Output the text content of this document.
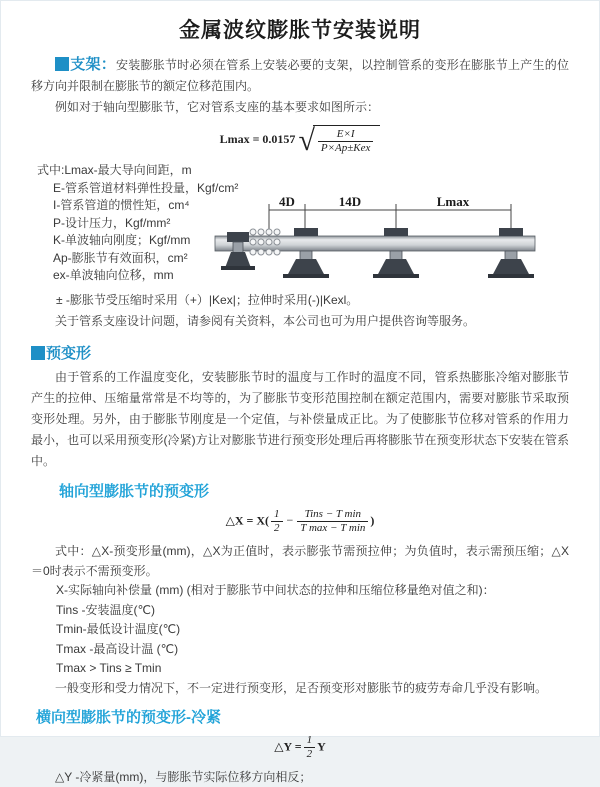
金属波纹膨胀节安装说明

支架：安装膨胀节时必须在管系上安装必要的支架，以控制管系的变形在膨胀节上产生的位移方向并限制在膨胀节的额定位移范围内。

例如对于轴向型膨胀节，它对管系支座的基本要求如图所示：

Lmax = 0.0157 √ $\frac{E\times I}{\text{P×Ap±Kex}}$
式中:Lmax-最大导向间距，m
E-管系管道材料弹性投量，Kgf/cm²
I-管系管道的惯性矩，cm⁴
P-设计压力，Kgf/mm²
K-单波轴向刚度；Kgf/mm
Ap-膨胀节有效面积，cm²
ex-单波轴向位移，mm
4D	14D	Lmax

± -膨胀节受压缩时采用（+）|Kex|；拉伸时采用(-)|Kexl。

关于管系支座设计问题，请参阅有关资料，本公司也可为用户提供咨询等服务。

预变形

由于管系的工作温度变化，安装膨胀节时的温度与工作时的温度不同，管系热膨胀冷缩对膨胀节产生的拉伸、压缩量常常是不均等的，为了膨胀节变形范围控制在额定范围内，需要对膨胀节采取预变形处理。另外，由于膨胀节刚度是一个定值，与补偿量成正比。为了使膨胀节位移对管系的作用力最小，也可以采用预变形(冷紧)方让对膨胀节进行预变形处理后再将膨胀节在预变形状态下安装在管系中。

轴向型膨胀节的预变形
△X = $X( \frac{1}{2} - \frac{\text{Tins − T min}}{\text{T max − T min}}$ )

式中：△X-预变形量(mm)，△X为正值时，表示膨张节需预拉伸；为负值时，表示需预压缩；△X＝0时表示不需预变形。

X-实际轴向补偿量 (mm) (相对于膨胀节中间状态的拉伸和压缩位移量绝对值之和)：
Tins -安装温度(℃)
Tmin-最低设计温度(℃)
Tmax -最高设计温 (℃)
Tmax > Tins ≥ Tmin

一般变形和受力情况下，不一定进行预变形，足否预变形对膨胀节的疲劳寿命几乎没有影响。

横向型膨胀节的预变形-冷紧
△Y = $\frac{1}{2}$ Y

△Y -冷紧量(mm)，与膨胀节实际位移方向相反；
